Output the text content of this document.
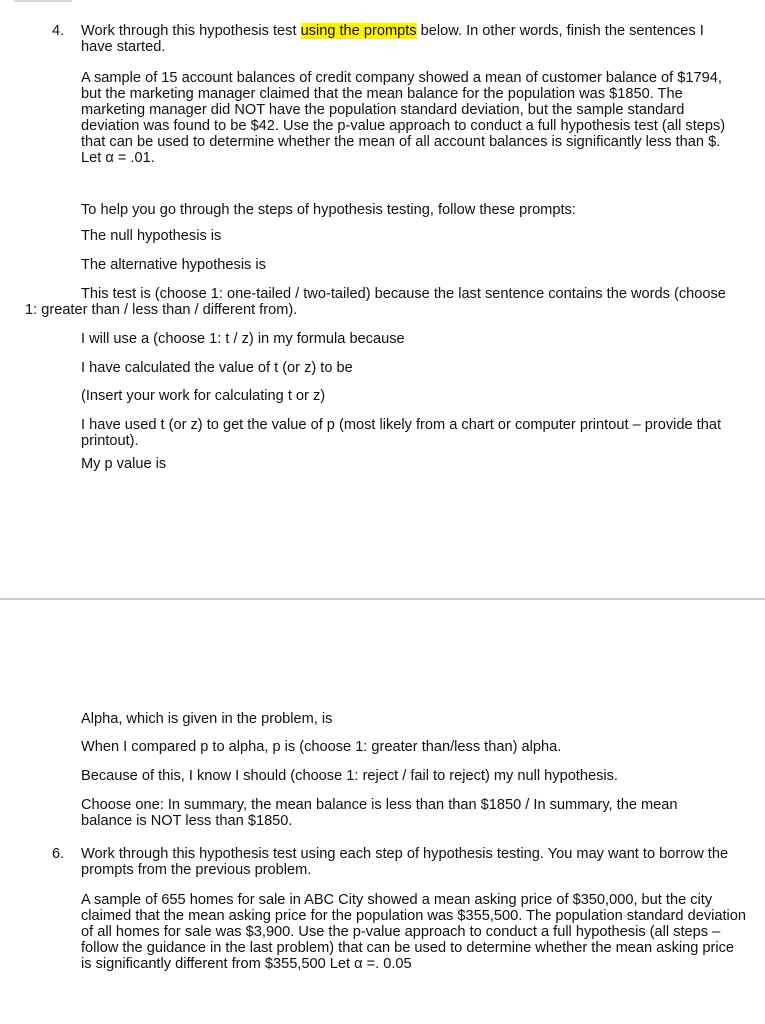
4. Work through this hypothesis test using the prompts below. In other words, finish the sentences I have started.

A sample of 15 account balances of credit company showed a mean of customer balance of $1794, but the marketing manager claimed that the mean balance for the population was $1850. The marketing manager did NOT have the population standard deviation, but the sample standard deviation was found to be $42. Use the p-value approach to conduct a full hypothesis test (all steps) that can be used to determine whether the mean of all account balances is significantly less than $. Let α = .01.

To help you go through the steps of hypothesis testing, follow these prompts:

The null hypothesis is

The alternative hypothesis is

This test is (choose 1: one-tailed / two-tailed) because the last sentence contains the words (choose 1: greater than / less than / different from).

I will use a (choose 1: t / z) in my formula because

I have calculated the value of t (or z) to be

(Insert your work for calculating t or z)

I have used t (or z) to get the value of p (most likely from a chart or computer printout – provide that printout).

My p value is

Alpha, which is given in the problem, is

When I compared p to alpha, p is (choose 1: greater than/less than) alpha.

Because of this, I know I should (choose 1: reject / fail to reject) my null hypothesis.

Choose one: In summary, the mean balance is less than than $1850 / In summary, the mean balance is NOT less than $1850.

6. Work through this hypothesis test using each step of hypothesis testing. You may want to borrow the prompts from the previous problem.

A sample of 655 homes for sale in ABC City showed a mean asking price of $350,000, but the city claimed that the mean asking price for the population was $355,500. The population standard deviation of all homes for sale was $3,900. Use the p-value approach to conduct a full hypothesis (all steps – follow the guidance in the last problem) that can be used to determine whether the mean asking price is significantly different from $355,500 Let α =. 0.05
